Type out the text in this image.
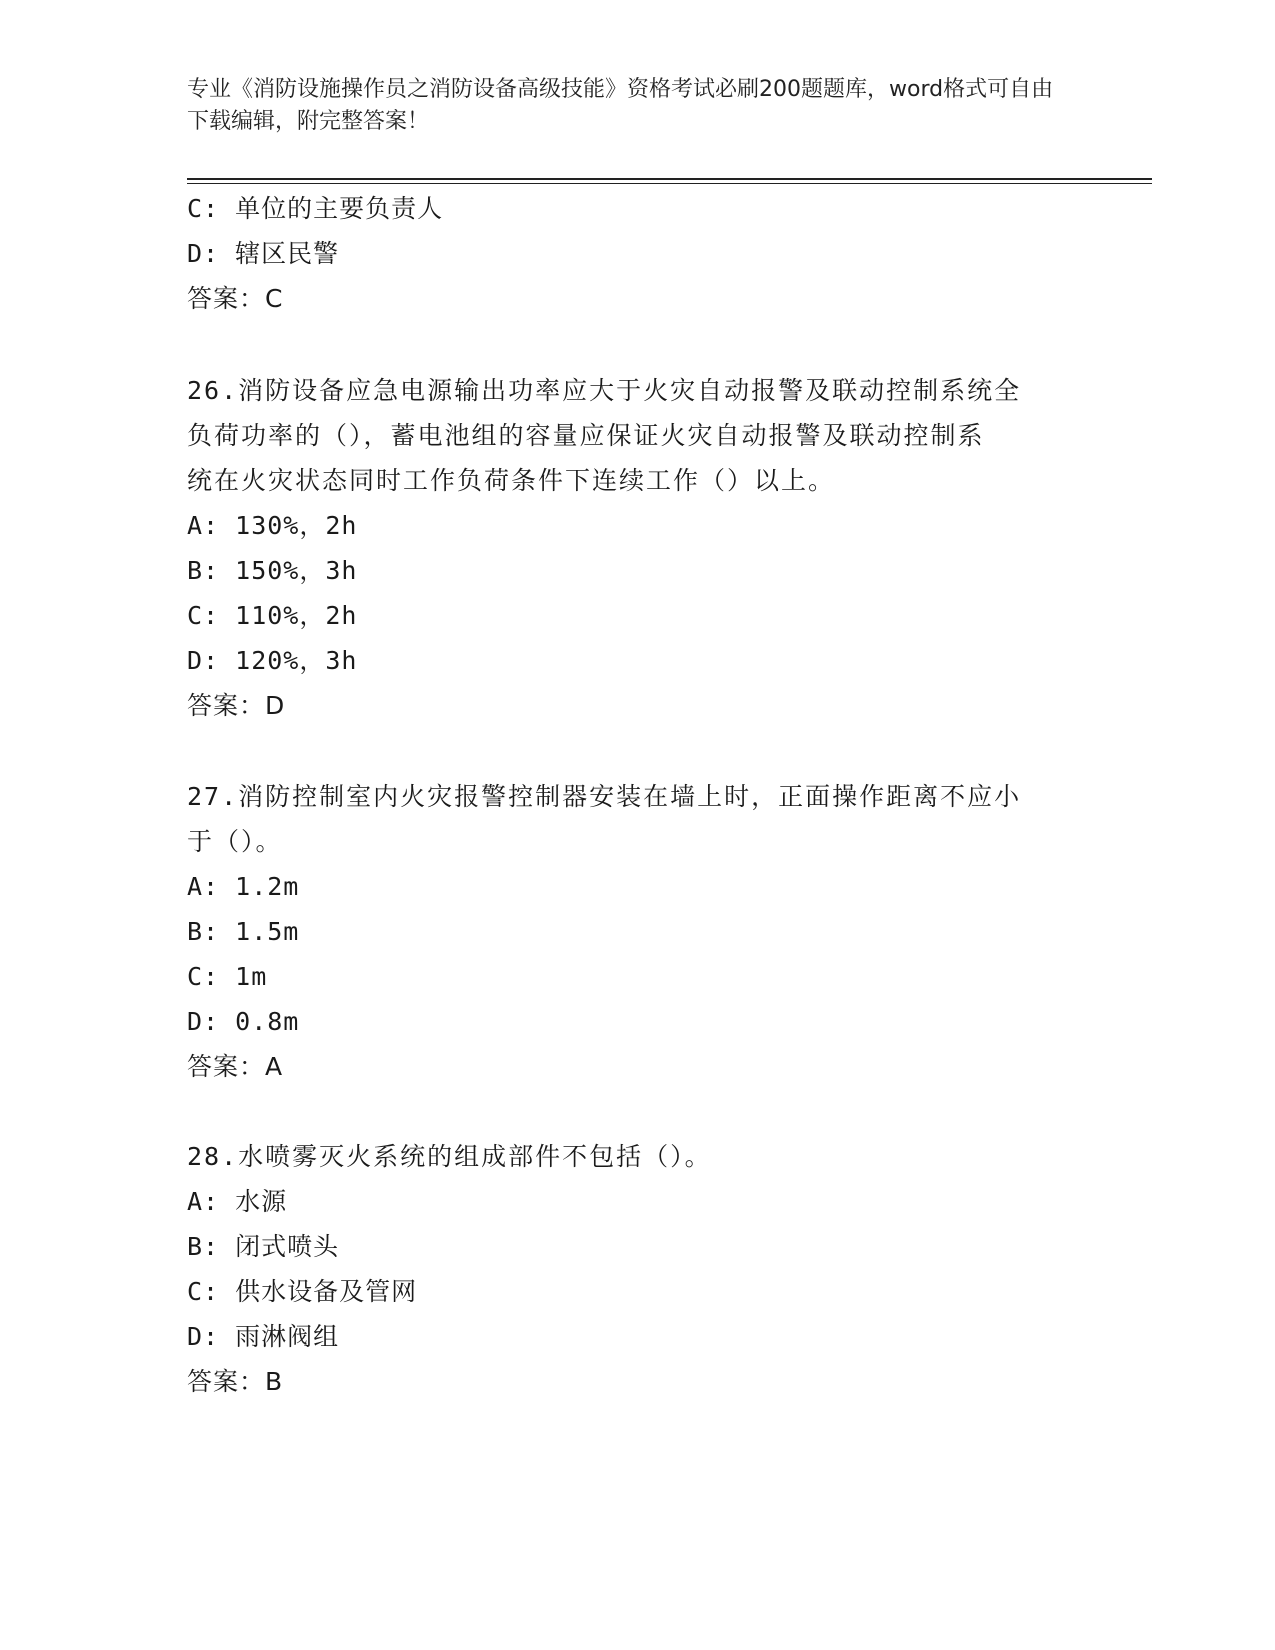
专业《消防设施操作员之消防设备高级技能》资格考试必刷200题题库，word格式可自由下载编辑，附完整答案！
C: 单位的主要负责人
D: 辖区民警
答案：C
26.消防设备应急电源输出功率应大于火灾自动报警及联动控制系统全
负荷功率的（），蓄电池组的容量应保证火灾自动报警及联动控制系
统在火灾状态同时工作负荷条件下连续工作（）以上。
A: 130%，2h
B: 150%，3h
C: 110%，2h
D: 120%，3h
答案：D
27.消防控制室内火灾报警控制器安装在墙上时，正面操作距离不应小
于（）。
A: 1.2m
B: 1.5m
C: 1m
D: 0.8m
答案：A
28.水喷雾灭火系统的组成部件不包括（）。
A: 水源
B: 闭式喷头
C: 供水设备及管网
D: 雨淋阀组
答案：B
